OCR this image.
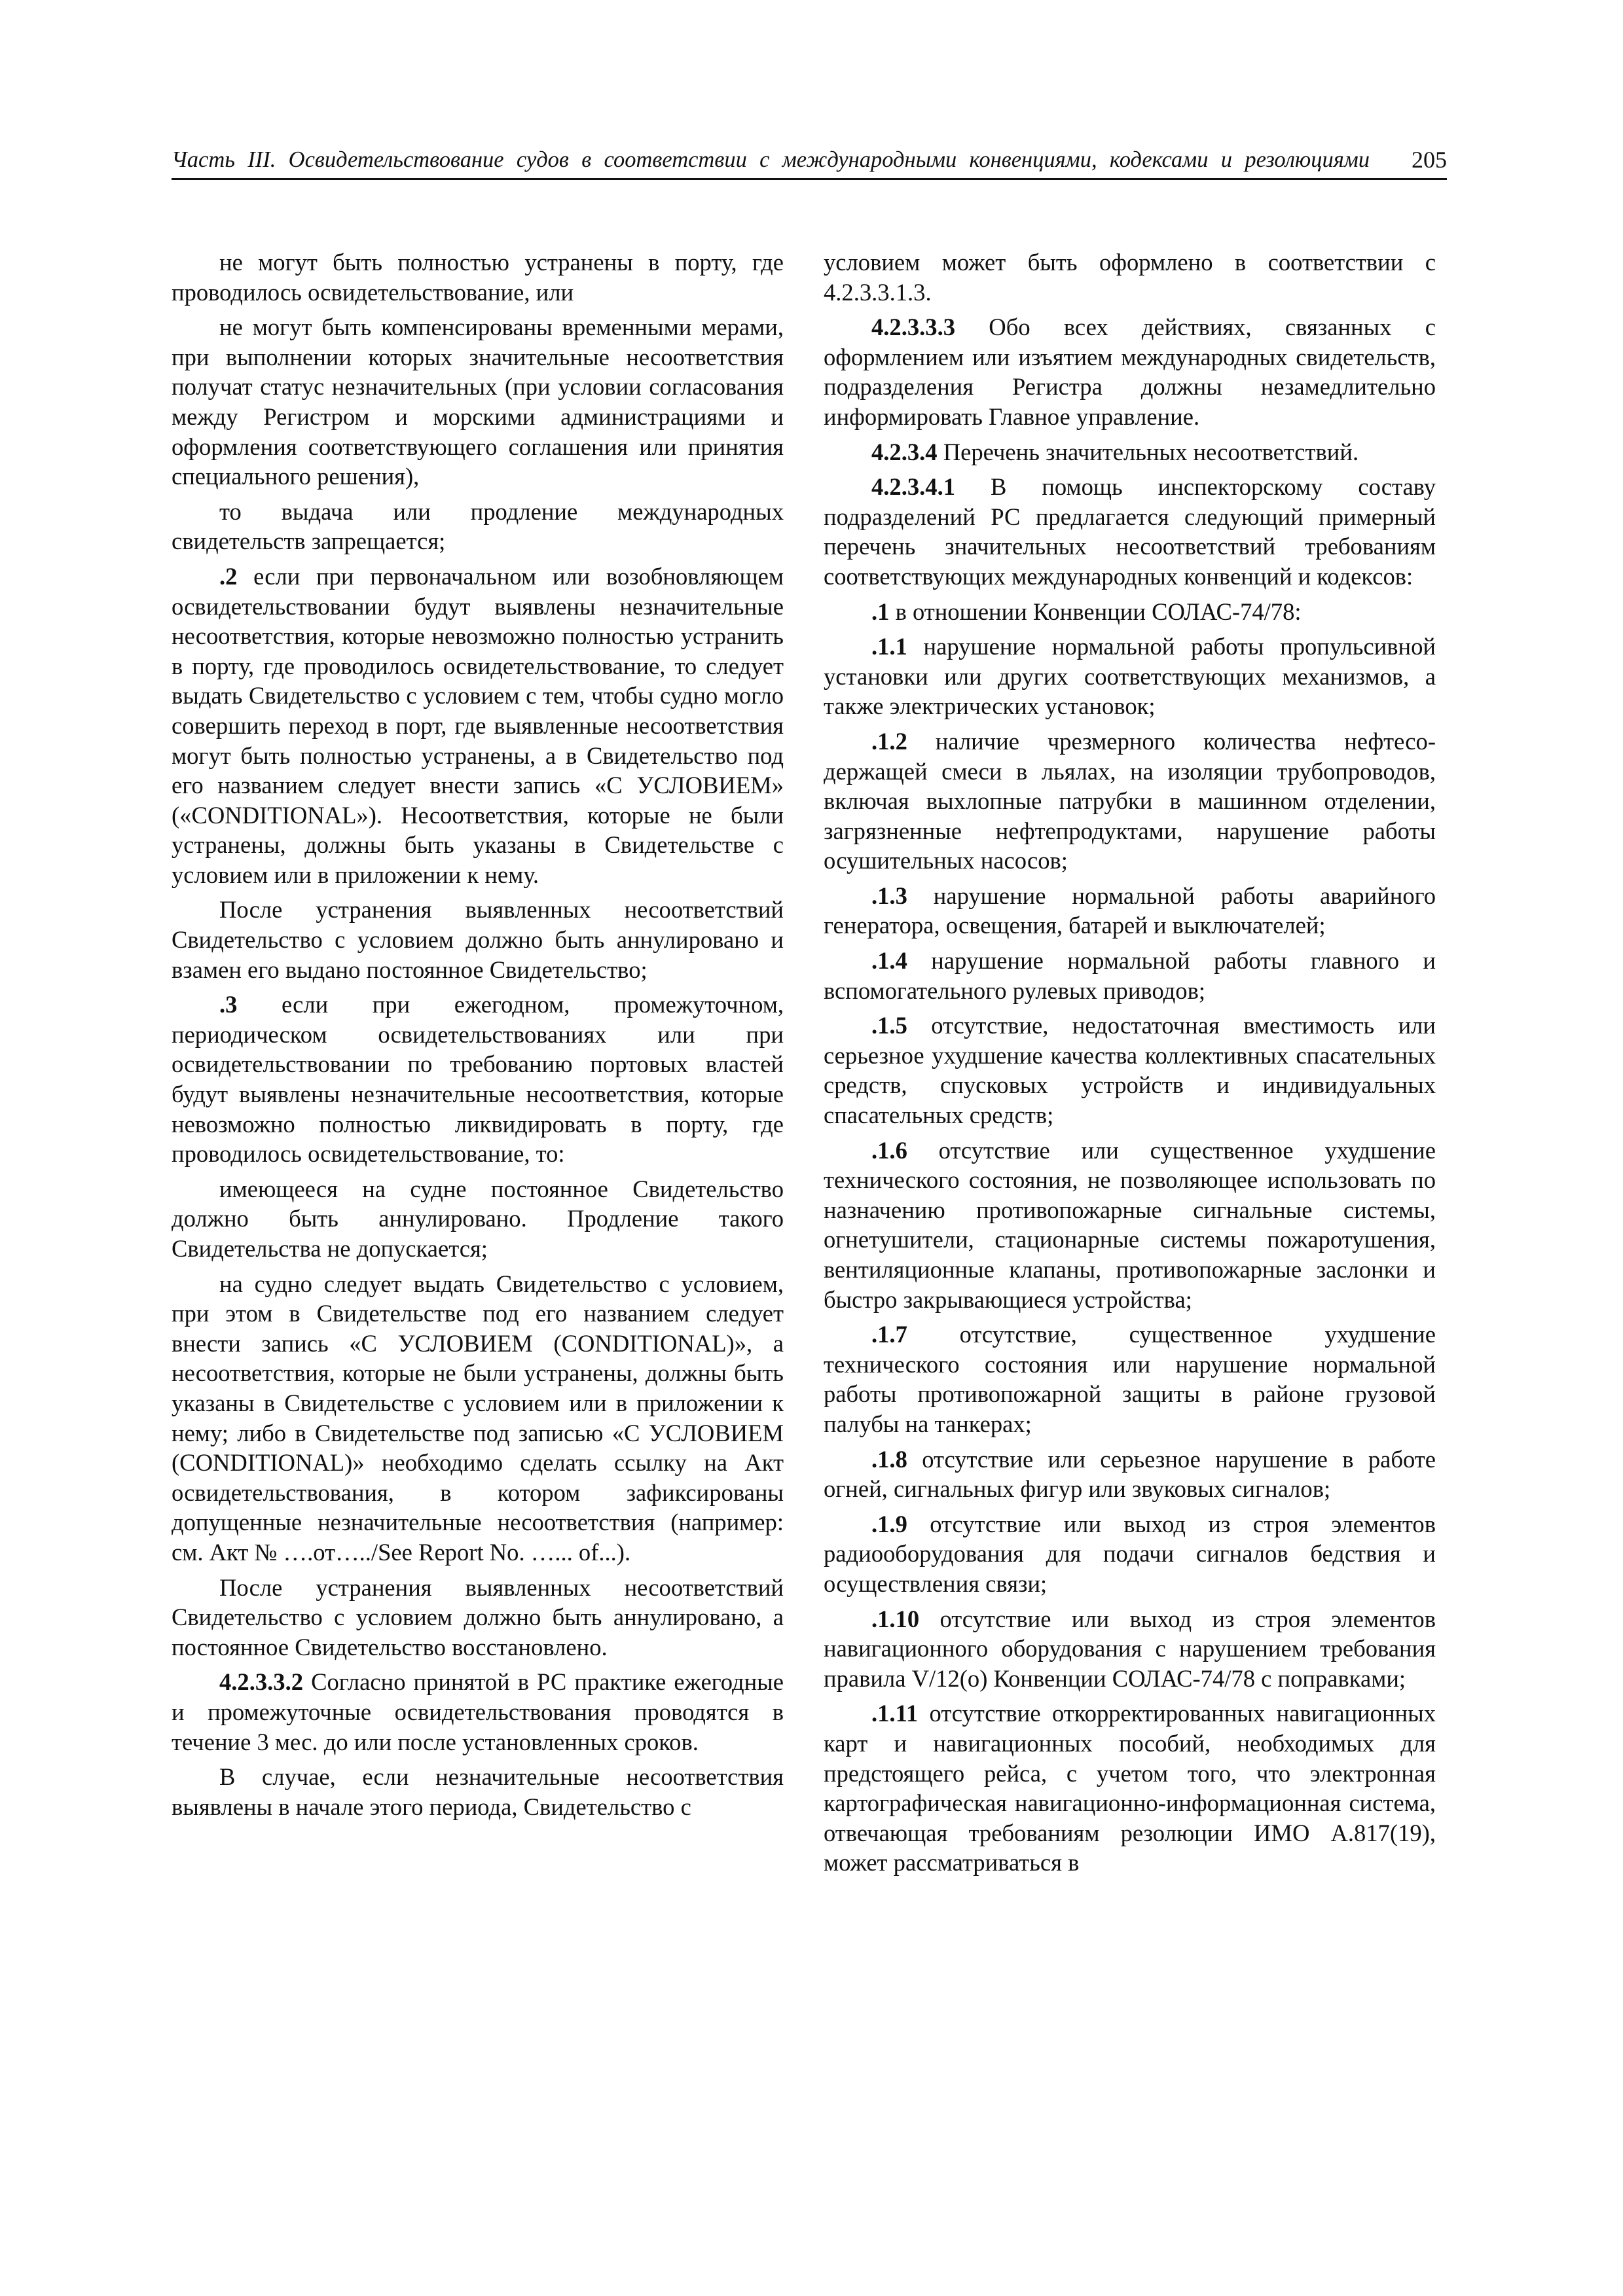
Часть III. Освидетельствование судов в соответствии с международными конвенциями, кодексами и резолюциями 205

не могут быть полностью устранены в порту, где проводилось освидетельствование, или

не могут быть компенсированы временными мерами, при выполнении которых значительные несоответствия получат статус незначительных (при условии согласования между Регистром и морскими администрациями и оформления соответствующего соглашения или принятия специального решения),

то выдача или продление международных свидетельств запрещается;

.2 если при первоначальном или возобновляющем освидетельствовании будут выявлены незначительные несоответствия, которые невозможно полностью устранить в порту, где проводилось освидетельствование, то следует выдать Свидетельство с условием с тем, чтобы судно могло совершить переход в порт, где выявленные несоответствия могут быть полностью устранены, а в Свидетельство под его названием следует внести запись «С УСЛОВИЕМ» («CONDITIONAL»). Несоответствия, которые не были устранены, должны быть указаны в Свидетельстве с условием или в приложении к нему.

После устранения выявленных несоответствий Свидетельство с условием должно быть аннулировано и взамен его выдано постоянное Свидетельство;

.3 если при ежегодном, промежуточном, периодическом освидетельствованиях или при освидетельствовании по требованию портовых властей будут выявлены незначительные несоответствия, которые невозможно полностью ликвидировать в порту, где проводилось освидетельствование, то:

имеющееся на судне постоянное Свидетельство должно быть аннулировано. Продление такого Свидетельства не допускается;

на судно следует выдать Свидетельство с условием, при этом в Свидетельстве под его названием следует внести запись «С УСЛОВИЕМ (CONDITIONAL)», а несоответствия, которые не были устранены, должны быть указаны в Свидетельстве с условием или в приложении к нему; либо в Свидетельстве под записью «С УСЛОВИЕМ (CONDITIONAL)» необходимо сделать ссылку на Акт освидетельствования, в котором зафиксированы допущенные незначительные несоответствия (например: см. Акт № ….от…../See Report No. …... of...).

После устранения выявленных несоответствий Свидетельство с условием должно быть аннулировано, а постоянное Свидетельство восстановлено.

4.2.3.3.2 Согласно принятой в РС практике ежегодные и промежуточные освидетельствования проводятся в течение 3 мес. до или после установленных сроков.

В случае, если незначительные несоответствия выявлены в начале этого периода, Свидетельство с

условием может быть оформлено в соответствии с 4.2.3.3.1.3.

4.2.3.3.3 Обо всех действиях, связанных с оформлением или изъятием международных свидетельств, подразделения Регистра должны незамедлительно информировать Главное управление.

4.2.3.4 Перечень значительных несоответствий.

4.2.3.4.1 В помощь инспекторскому составу подразделений РС предлагается следующий примерный перечень значительных несоответствий требованиям соответствующих международных конвенций и кодексов:

.1 в отношении Конвенции СОЛАС-74/78:

.1.1 нарушение нормальной работы пропульсивной установки или других соответствующих механизмов, а также электрических установок;

.1.2 наличие чрезмерного количества нефтесодержащей смеси в льялах, на изоляции трубопроводов, включая выхлопные патрубки в машинном отделении, загрязненные нефтепродуктами, нарушение работы осушительных насосов;

.1.3 нарушение нормальной работы аварийного генератора, освещения, батарей и выключателей;

.1.4 нарушение нормальной работы главного и вспомогательного рулевых приводов;

.1.5 отсутствие, недостаточная вместимость или серьезное ухудшение качества коллективных спасательных средств, спусковых устройств и индивидуальных спасательных средств;

.1.6 отсутствие или существенное ухудшение технического состояния, не позволяющее использовать по назначению противопожарные сигнальные системы, огнетушители, стационарные системы пожаротушения, вентиляционные клапаны, противопожарные заслонки и быстро закрывающиеся устройства;

.1.7 отсутствие, существенное ухудшение технического состояния или нарушение нормальной работы противопожарной защиты в районе грузовой палубы на танкерах;

.1.8 отсутствие или серьезное нарушение в работе огней, сигнальных фигур или звуковых сигналов;

.1.9 отсутствие или выход из строя элементов радиооборудования для подачи сигналов бедствия и осуществления связи;

.1.10 отсутствие или выход из строя элементов навигационного оборудования с нарушением требования правила V/12(o) Конвенции СОЛАС-74/78 с поправками;

.1.11 отсутствие откорректированных навигационных карт и навигационных пособий, необходимых для предстоящего рейса, с учетом того, что электронная картографическая навигационно-информационная система, отвечающая требованиям резолюции ИМО А.817(19), может рассматриваться в
